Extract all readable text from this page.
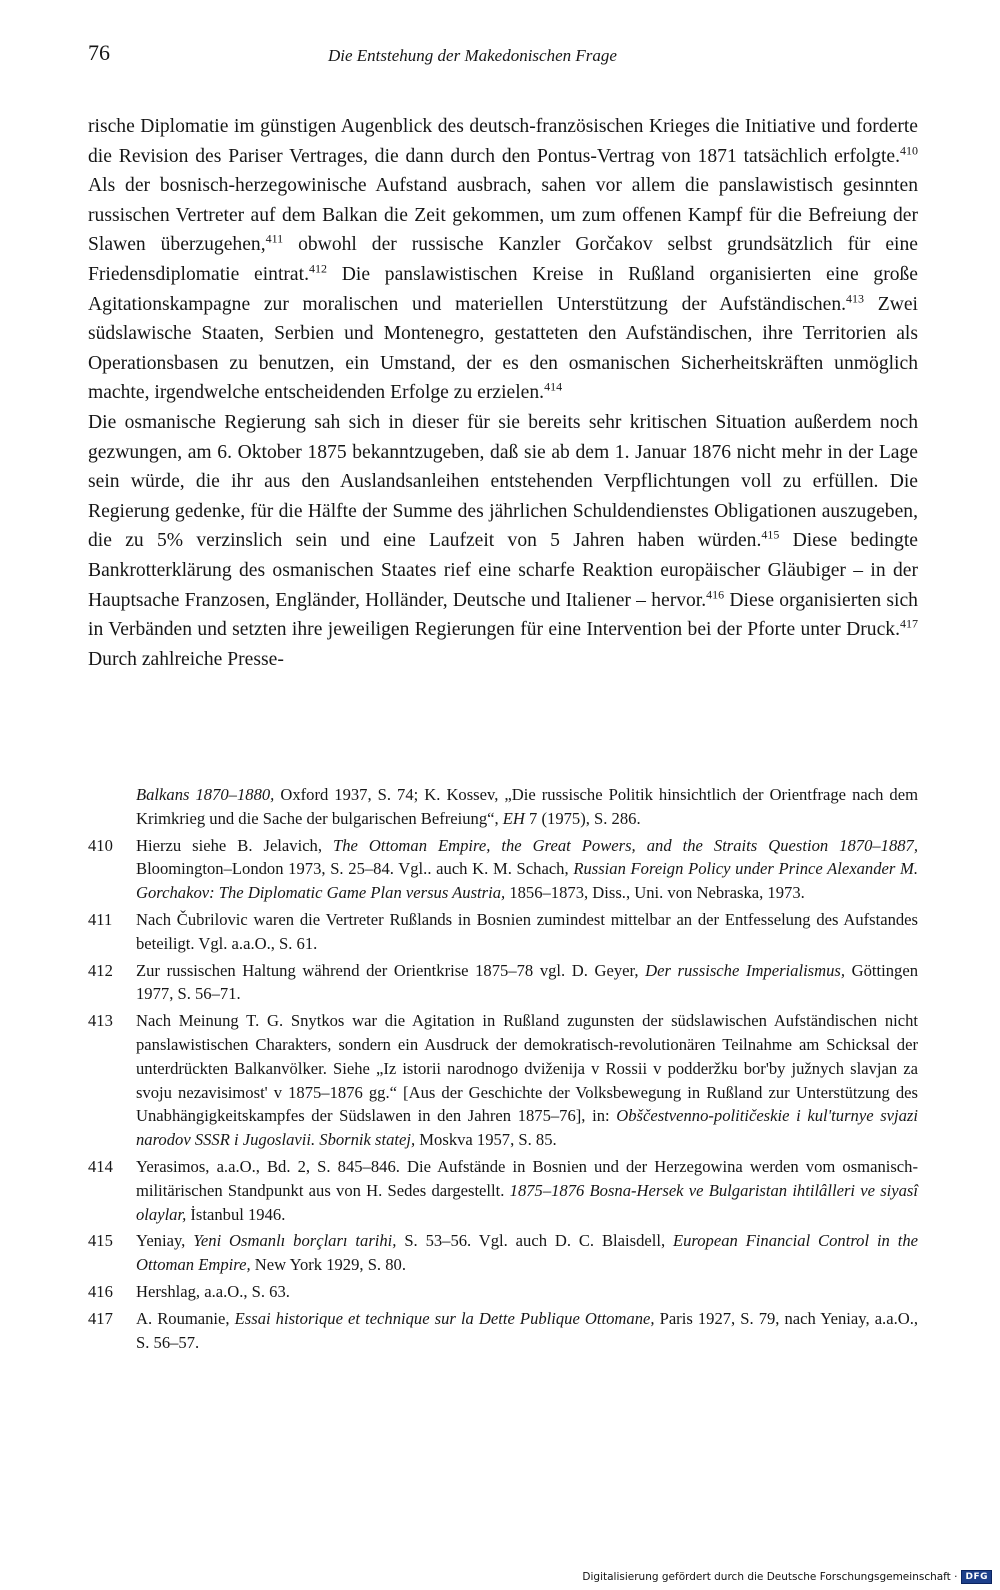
76	Die Entstehung der Makedonischen Frage

rische Diplomatie im günstigen Augenblick des deutsch-französischen Krieges die Initiative und forderte die Revision des Pariser Vertrages, die dann durch den Pontus-Vertrag von 1871 tatsächlich erfolgte.$^{410}$ Als der bosnisch-herzegowinische Aufstand ausbrach, sahen vor allem die panslawistisch gesinnten russischen Vertreter auf dem Balkan die Zeit gekommen, um zum offenen Kampf für die Befreiung der Slawen überzugehen,$^{411}$ obwohl der russische Kanzler Gorčakov selbst grundsätzlich für eine Friedensdiplomatie eintrat.$^{412}$ Die panslawistischen Kreise in Rußland organisierten eine große Agitationskampagne zur moralischen und materiellen Unterstützung der Aufständischen.$^{413}$ Zwei südslawische Staaten, Serbien und Montenegro, gestatteten den Aufständischen, ihre Territorien als Operationsbasen zu benutzen, ein Umstand, der es den osmanischen Sicherheitskräften unmöglich machte, irgendwelche entscheidenden Erfolge zu erzielen.$^{414}$

Die osmanische Regierung sah sich in dieser für sie bereits sehr kritischen Situation außerdem noch gezwungen, am 6. Oktober 1875 bekanntzugeben, daß sie ab dem 1. Januar 1876 nicht mehr in der Lage sein würde, die ihr aus den Auslandsanleihen entstehenden Verpflichtungen voll zu erfüllen. Die Regierung gedenke, für die Hälfte der Summe des jährlichen Schuldendienstes Obligationen auszugeben, die zu 5% verzinslich sein und eine Laufzeit von 5 Jahren haben würden.$^{415}$ Diese bedingte Bankrotterklärung des osmanischen Staates rief eine scharfe Reaktion europäischer Gläubiger – in der Hauptsache Franzosen, Engländer, Holländer, Deutsche und Italiener – hervor.$^{416}$ Diese organisierten sich in Verbänden und setzten ihre jeweiligen Regierungen für eine Intervention bei der Pforte unter Druck.$^{417}$ Durch zahlreiche Presse-

Balkans 1870–1880, Oxford 1937, S. 74; K. Kossev, „Die russische Politik hinsichtlich der Orientfrage nach dem Krimkrieg und die Sache der bulgarischen Befreiung“, EH 7 (1975), S. 286.
410 Hierzu siehe B. Jelavich, The Ottoman Empire, the Great Powers, and the Straits Question 1870–1887, Bloomington–London 1973, S. 25–84. Vgl.. auch K. M. Schach, Russian Foreign Policy under Prince Alexander M. Gorchakov: The Diplomatic Game Plan versus Austria, 1856–1873, Diss., Uni. von Nebraska, 1973.
411 Nach Čubrilovic waren die Vertreter Rußlands in Bosnien zumindest mittelbar an der Entfesselung des Aufstandes beteiligt. Vgl. a.a.O., S. 61.
412 Zur russischen Haltung während der Orientkrise 1875–78 vgl. D. Geyer, Der russische Imperialismus, Göttingen 1977, S. 56–71.
413 Nach Meinung T. G. Snytkos war die Agitation in Rußland zugunsten der südslawischen Aufständischen nicht panslawistischen Charakters, sondern ein Ausdruck der demokratisch-revolutionären Teilnahme am Schicksal der unterdrückten Balkanvölker. Siehe „Iz istorii narodnogo dviženija v Rossii v podderžku bor'by južnych slavjan za svoju nezavisimost' v 1875–1876 gg.“ [Aus der Geschichte der Volksbewegung in Rußland zur Unterstützung des Unabhängigkeitskampfes der Südslawen in den Jahren 1875–76], in: Obščestvenno-političeskie i kul'turnye svjazi narodov SSSR i Jugoslavii. Sbornik statej, Moskva 1957, S. 85.
414 Yerasimos, a.a.O., Bd. 2, S. 845–846. Die Aufstände in Bosnien und der Herzegowina werden vom osmanisch-militärischen Standpunkt aus von H. Sedes dargestellt. 1875–1876 Bosna-Hersek ve Bulgaristan ihtilâlleri ve siyasî olaylar, İstanbul 1946.
415 Yeniay, Yeni Osmanlı borçları tarihi, S. 53–56. Vgl. auch D. C. Blaisdell, European Financial Control in the Ottoman Empire, New York 1929, S. 80.
416 Hershlag, a.a.O., S. 63.
417 A. Roumanie, Essai historique et technique sur la Dette Publique Ottomane, Paris 1927, S. 79, nach Yeniay, a.a.O., S. 56–57.
Digitalisierung gefördert durch die Deutsche Forschungsgemeinschaft · DFG
